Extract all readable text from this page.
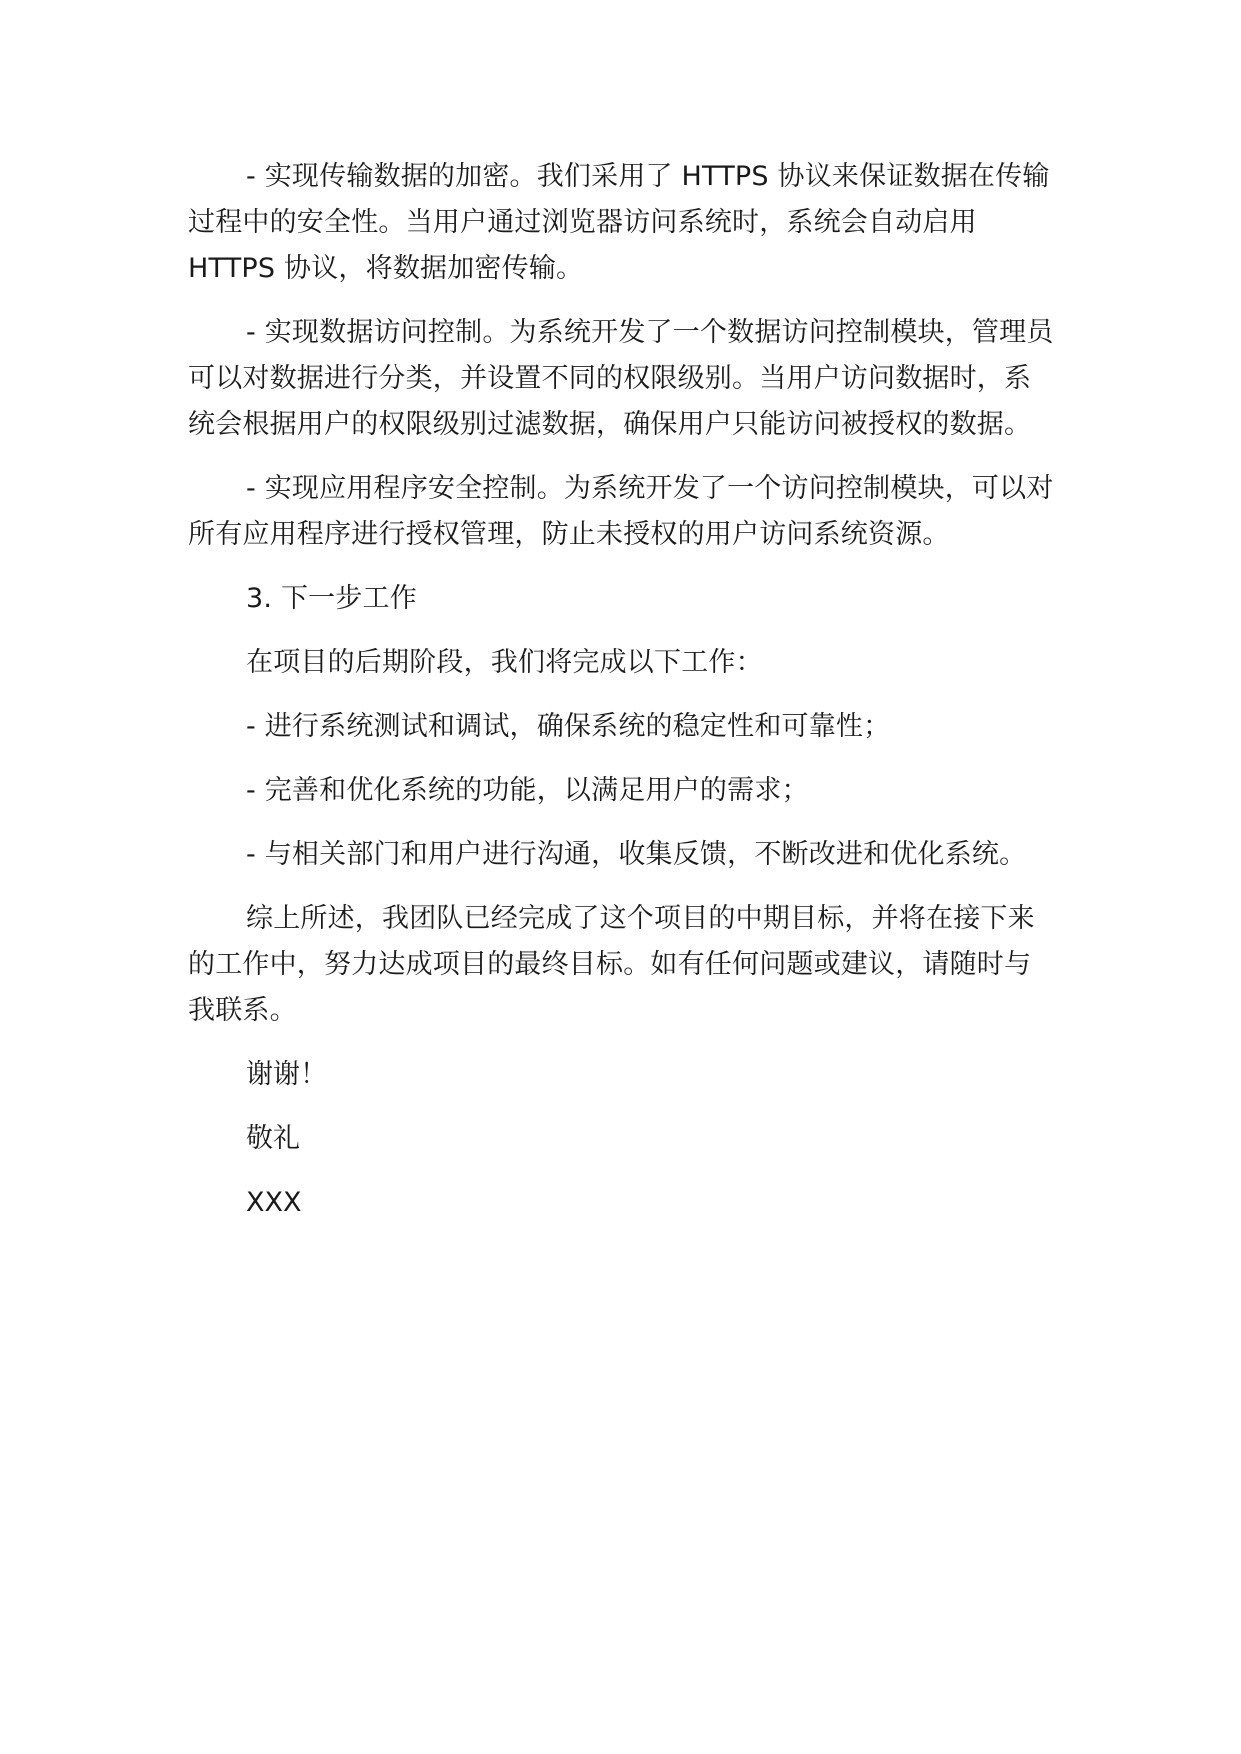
- 实现传输数据的加密。我们采用了 HTTPS 协议来保证数据在传输
过程中的安全性。当用户通过浏览器访问系统时，系统会自动启用
HTTPS 协议，将数据加密传输。

- 实现数据访问控制。为系统开发了一个数据访问控制模块，管理员
可以对数据进行分类，并设置不同的权限级别。当用户访问数据时，系
统会根据用户的权限级别过滤数据，确保用户只能访问被授权的数据。

- 实现应用程序安全控制。为系统开发了一个访问控制模块，可以对
所有应用程序进行授权管理，防止未授权的用户访问系统资源。

3. 下一步工作

在项目的后期阶段，我们将完成以下工作：

- 进行系统测试和调试，确保系统的稳定性和可靠性；

- 完善和优化系统的功能，以满足用户的需求；

- 与相关部门和用户进行沟通，收集反馈，不断改进和优化系统。

综上所述，我团队已经完成了这个项目的中期目标，并将在接下来
的工作中，努力达成项目的最终目标。如有任何问题或建议，请随时与
我联系。

谢谢！

敬礼

XXX
